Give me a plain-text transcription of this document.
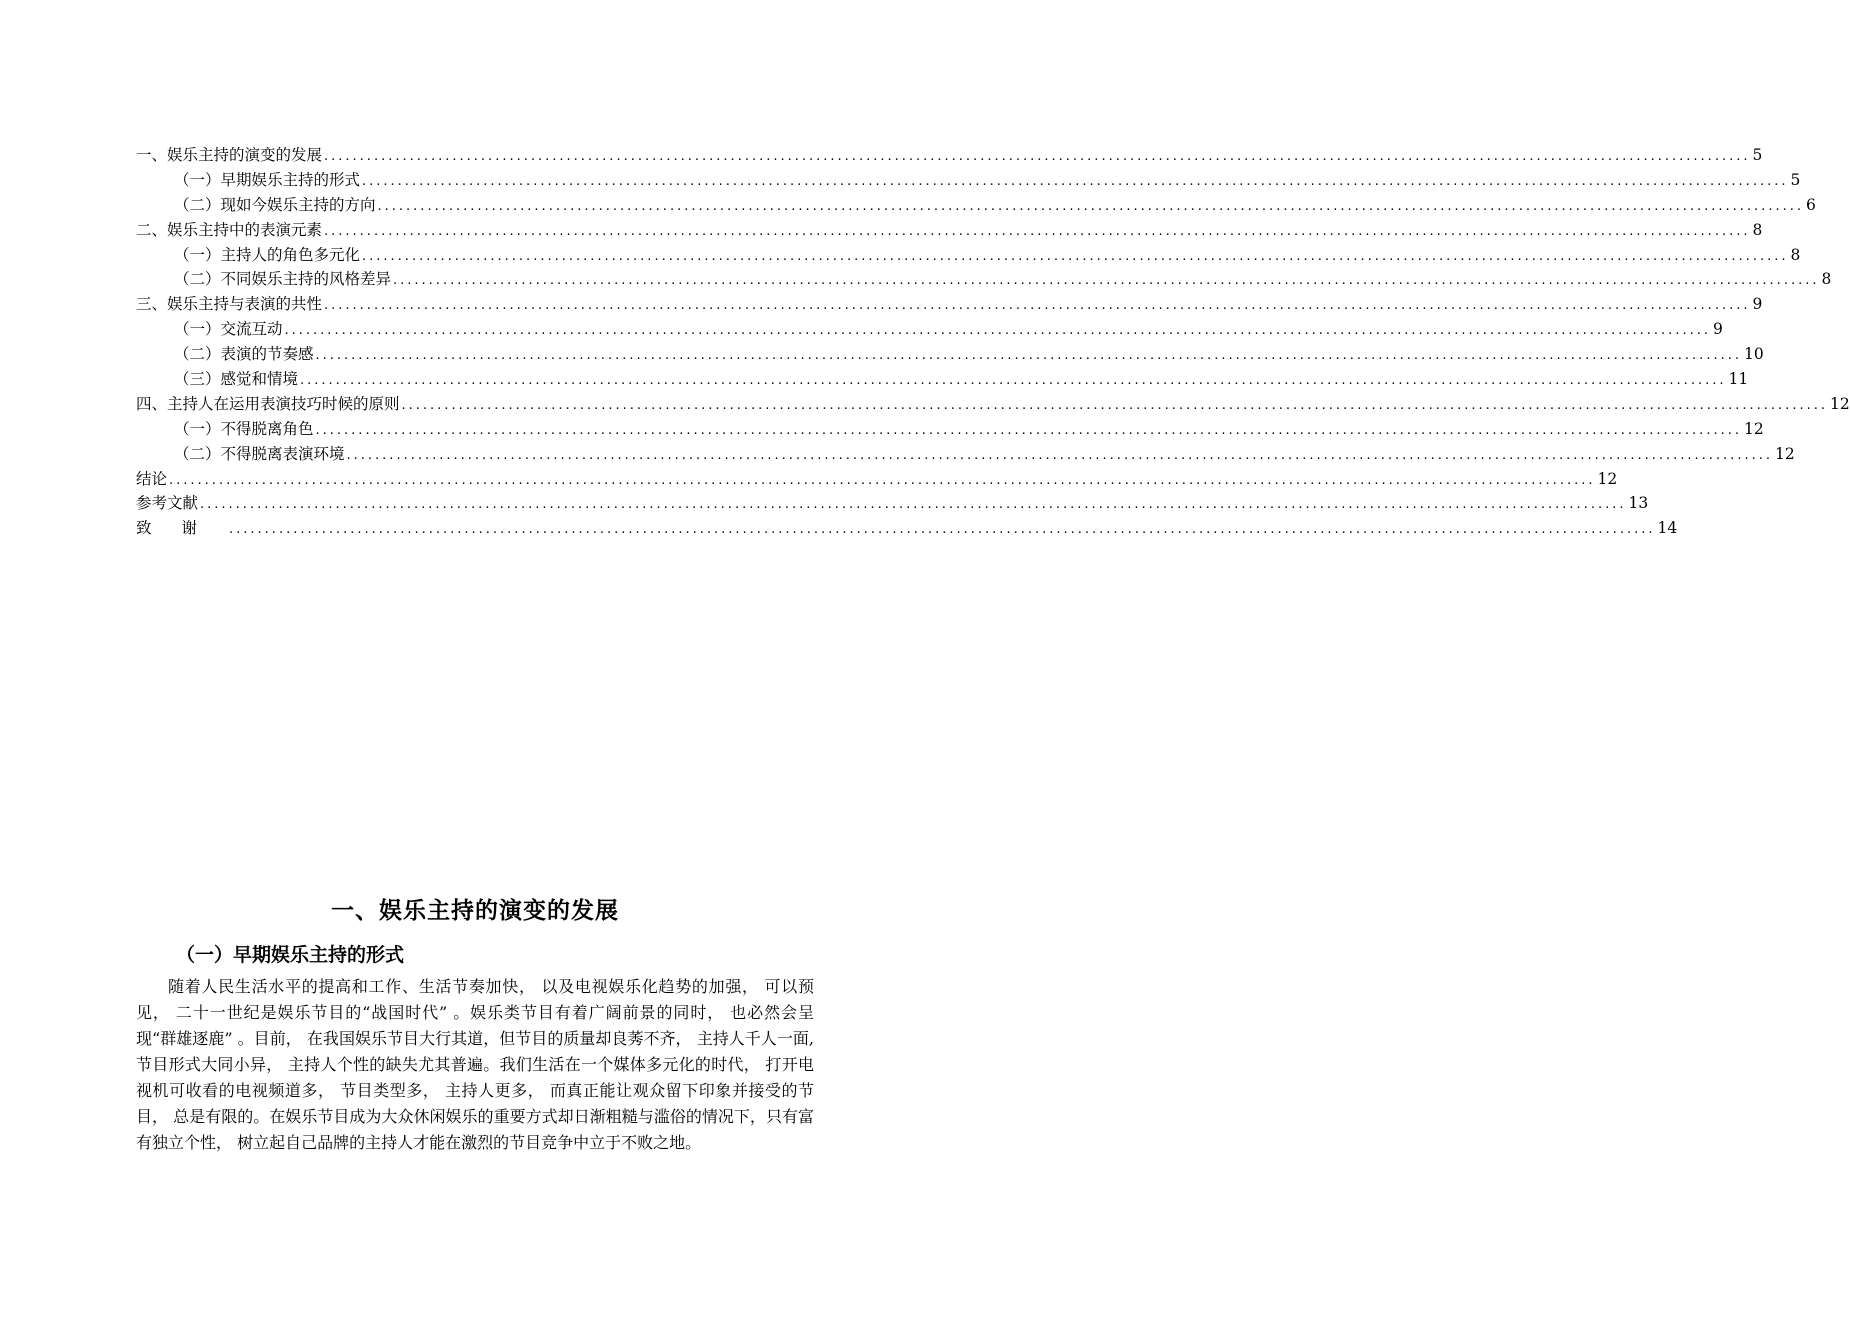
一、娱乐主持的演变的发展 ........................................................................................................................................................................................................ 5
（一）早期娱乐主持的形式 ........................................................................................................................................................................................................ 5
（二）现如今娱乐主持的方向 ........................................................................................................................................................................................................ 6
二、娱乐主持中的表演元素 ........................................................................................................................................................................................................ 8
（一）主持人的角色多元化 ........................................................................................................................................................................................................ 8
（二）不同娱乐主持的风格差异 ........................................................................................................................................................................................................ 8
三、娱乐主持与表演的共性 ........................................................................................................................................................................................................ 9
（一）交流互动 ........................................................................................................................................................................................................ 9
（二）表演的节奏感 ........................................................................................................................................................................................................ 10
（三）感觉和情境 ........................................................................................................................................................................................................ 11
四、主持人在运用表演技巧时候的原则 ........................................................................................................................................................................................................ 12
（一）不得脱离角色 ........................................................................................................................................................................................................ 12
（二）不得脱离表演环境 ........................................................................................................................................................................................................ 12
结论 ........................................................................................................................................................................................................ 12
参考文献 ........................................................................................................................................................................................................ 13
致谢 ........................................................................................................................................................................................................ 14
一、娱乐主持的演变的发展
（一）早期娱乐主持的形式

随着人民生活水平的提高和工作、生活节奏加快， 以及电视娱乐化趋势的加强， 可以预见， 二十一世纪是娱乐节目的“战国时代” 。娱乐类节目有着广阔前景的同时， 也必然会呈现“群雄逐鹿” 。目前， 在我国娱乐节目大行其道，但节目的质量却良莠不齐， 主持人千人一面,节目形式大同小异， 主持人个性的缺失尤其普遍。我们生活在一个媒体多元化的时代， 打开电视机可收看的电视频道多， 节目类型多， 主持人更多， 而真正能让观众留下印象并接受的节目， 总是有限的。在娱乐节目成为大众休闲娱乐的重要方式却日渐粗糙与滥俗的情况下，只有富有独立个性， 树立起自己品牌的主持人才能在激烈的节目竞争中立于不败之地。
